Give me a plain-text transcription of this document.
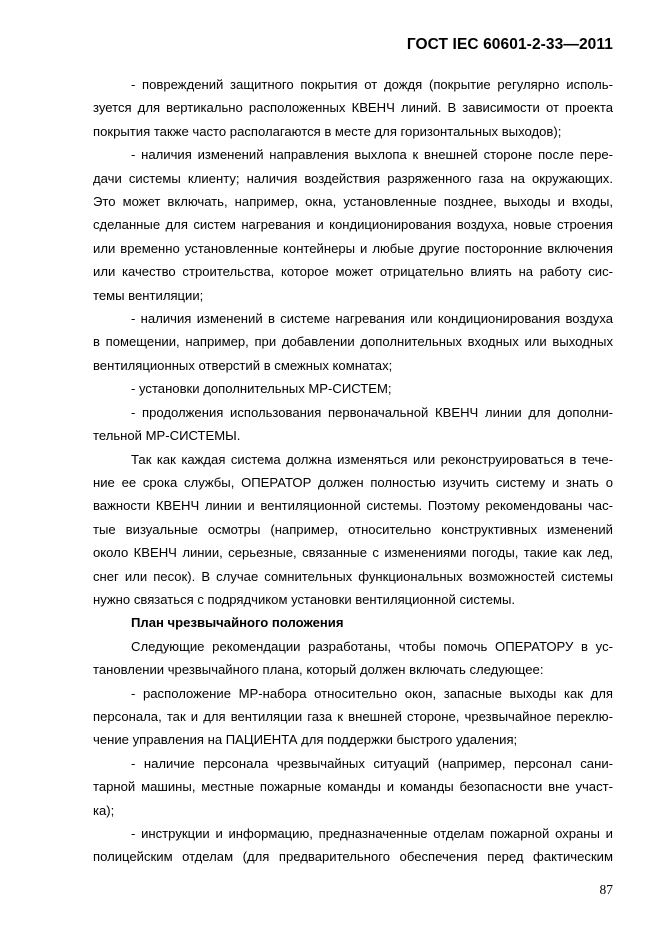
ГОСТ IEC 60601-2-33—2011
- повреждений защитного покрытия от дождя (покрытие регулярно исполь-
зуется для вертикально расположенных КВЕНЧ линий. В зависимости от проекта
покрытия также часто располагаются в месте для горизонтальных выходов);
- наличия изменений направления выхлопа к внешней стороне после пере-
дачи системы клиенту; наличия воздействия разряженного газа на окружающих.
Это может включать, например, окна, установленные позднее, выходы и входы,
сделанные для систем нагревания и кондиционирования воздуха, новые строения
или временно установленные контейнеры и любые другие посторонние включения
или качество строительства, которое может отрицательно влиять на работу сис-
темы вентиляции;
- наличия изменений в системе нагревания или кондиционирования воздуха
в помещении, например, при добавлении дополнительных входных или выходных
вентиляционных отверстий в смежных комнатах;
- установки дополнительных МР-СИСТЕМ;
- продолжения использования первоначальной КВЕНЧ линии для дополни-
тельной МР-СИСТЕМЫ.
Так как каждая система должна изменяться или реконструироваться в тече-
ние ее срока службы, ОПЕРАТОР должен полностью изучить систему и знать о
важности КВЕНЧ линии и вентиляционной системы. Поэтому рекомендованы час-
тые визуальные осмотры (например, относительно конструктивных изменений
около КВЕНЧ линии, серьезные, связанные с изменениями погоды, такие как лед,
снег или песок). В случае сомнительных функциональных возможностей системы
нужно связаться с подрядчиком установки вентиляционной системы.
План чрезвычайного положения
Следующие рекомендации разработаны, чтобы помочь ОПЕРАТОРУ в ус-
тановлении чрезвычайного плана, который должен включать следующее:
- расположение МР-набора относительно окон, запасные выходы как для
персонала, так и для вентиляции газа к внешней стороне, чрезвычайное переклю-
чение управления на ПАЦИЕНТА для поддержки быстрого удаления;
- наличие персонала чрезвычайных ситуаций (например, персонал сани-
тарной машины, местные пожарные команды и команды безопасности вне участ-
ка);
- инструкции и информацию, предназначенные отделам пожарной охраны и
полицейским отделам (для предварительного обеспечения перед фактическим
87
